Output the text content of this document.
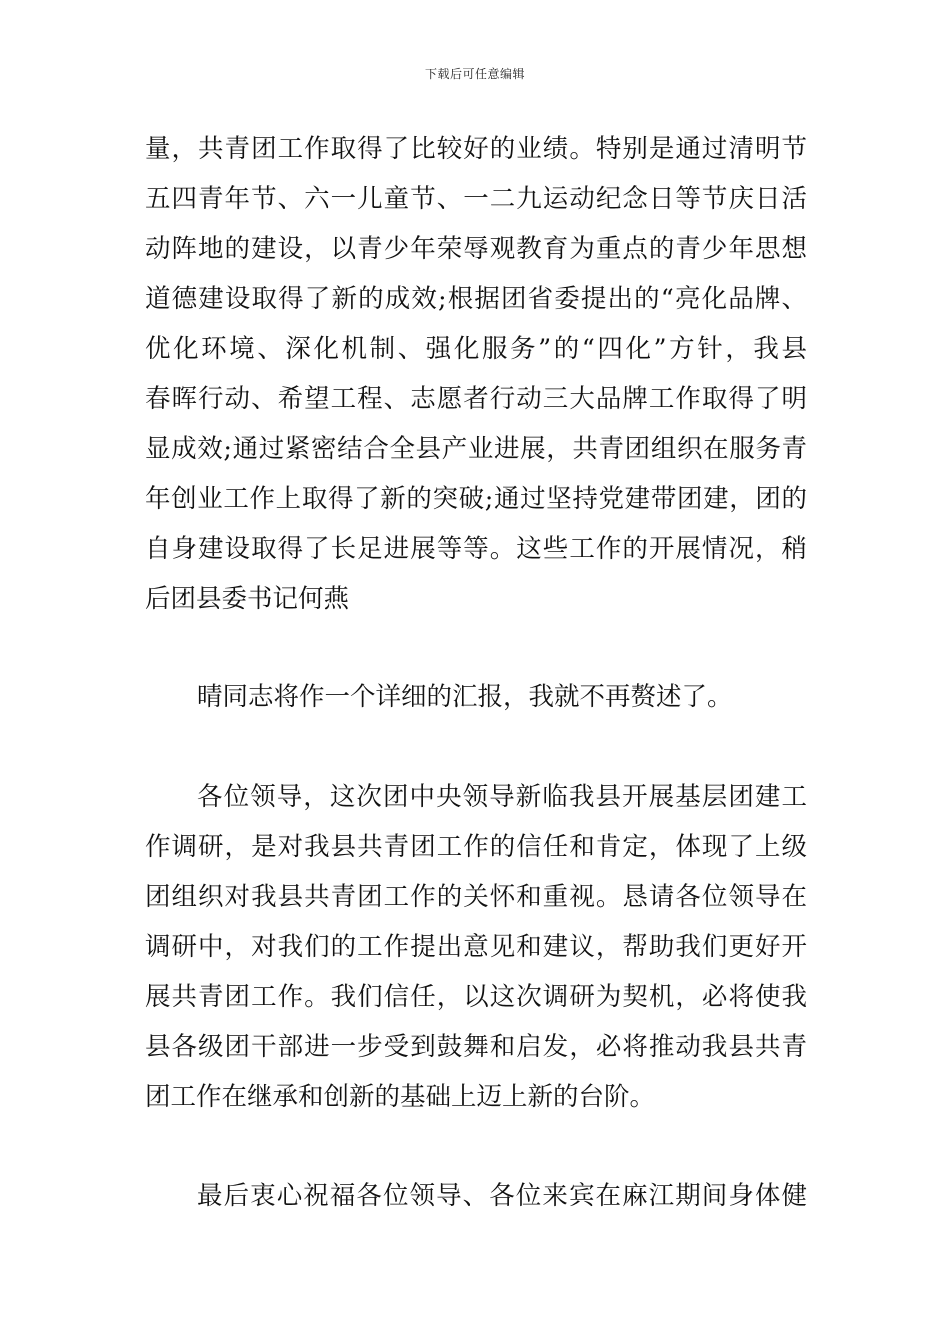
下载后可任意编辑
量，共青团工作取得了比较好的业绩。特别是通过清明节
五四青年节、六一儿童节、一二九运动纪念日等节庆日活
动阵地的建设，以青少年荣辱观教育为重点的青少年思想
道德建设取得了新的成效;根据团省委提出的“亮化品牌、
优化环境、深化机制、强化服务”的“四化”方针，我县
春晖行动、希望工程、志愿者行动三大品牌工作取得了明
显成效;通过紧密结合全县产业进展，共青团组织在服务青
年创业工作上取得了新的突破;通过坚持党建带团建，团的
自身建设取得了长足进展等等。这些工作的开展情况，稍
后团县委书记何燕
晴同志将作一个详细的汇报，我就不再赘述了。
各位领导，这次团中央领导新临我县开展基层团建工
作调研，是对我县共青团工作的信任和肯定，体现了上级
团组织对我县共青团工作的关怀和重视。恳请各位领导在
调研中，对我们的工作提出意见和建议，帮助我们更好开
展共青团工作。我们信任，以这次调研为契机，必将使我
县各级团干部进一步受到鼓舞和启发，必将推动我县共青
团工作在继承和创新的基础上迈上新的台阶。
最后衷心祝福各位领导、各位来宾在麻江期间身体健
